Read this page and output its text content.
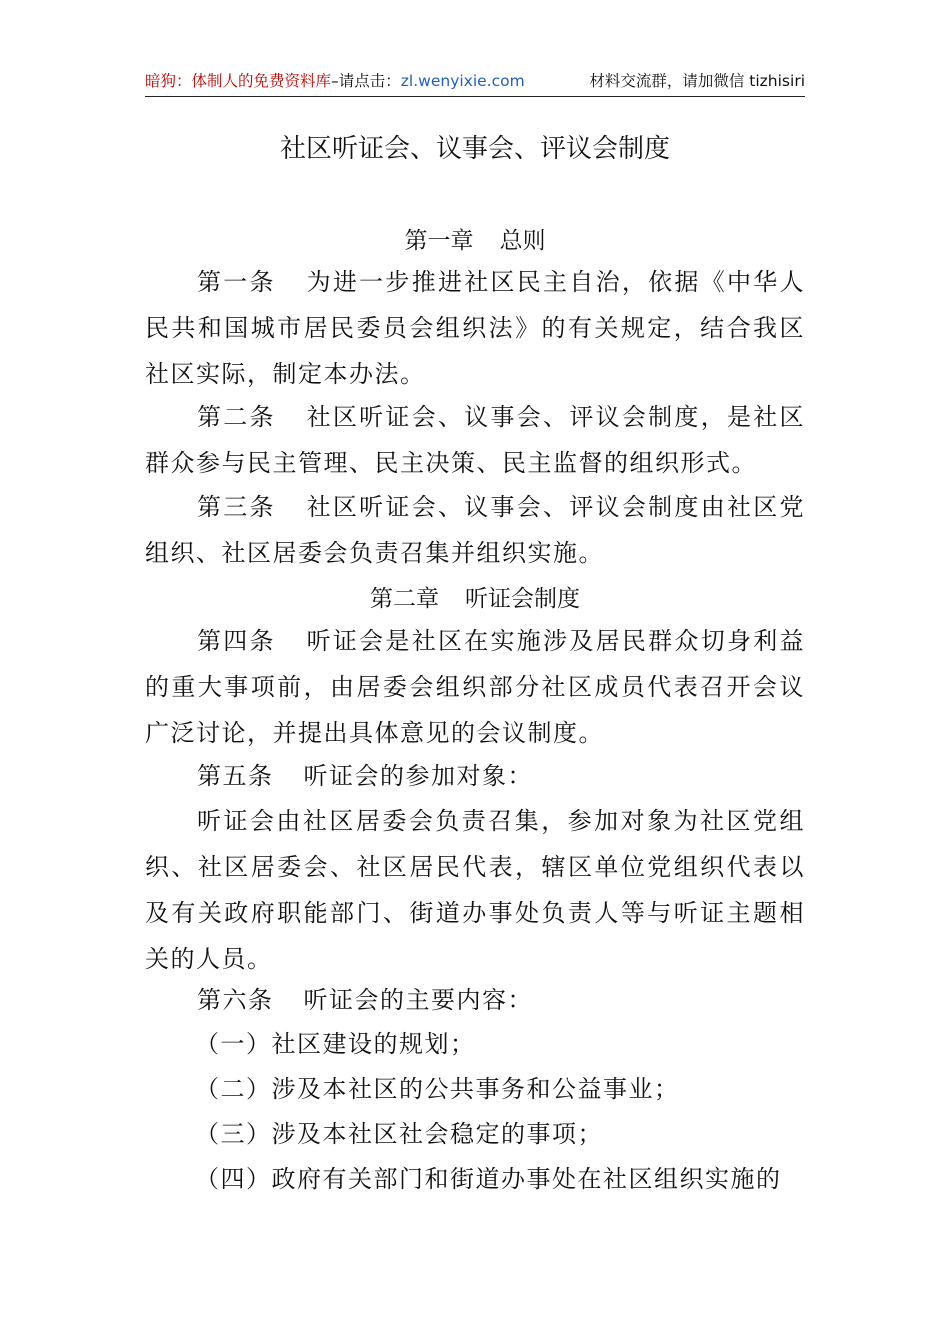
暗狗：体制人的免费资料库–请点击：zl.wenyixie.com	材料交流群，请加微信 tizhisiri
社区听证会、议事会、评议会制度
第一章 总则
第一条 为进一步推进社区民主自治，依据《中华人民共和国城市居民委员会组织法》的有关规定，结合我区社区实际，制定本办法。
第二条 社区听证会、议事会、评议会制度，是社区群众参与民主管理、民主决策、民主监督的组织形式。
第三条 社区听证会、议事会、评议会制度由社区党组织、社区居委会负责召集并组织实施。
第二章 听证会制度
第四条 听证会是社区在实施涉及居民群众切身利益的重大事项前，由居委会组织部分社区成员代表召开会议广泛讨论，并提出具体意见的会议制度。
第五条 听证会的参加对象：
听证会由社区居委会负责召集，参加对象为社区党组织、社区居委会、社区居民代表，辖区单位党组织代表以及有关政府职能部门、街道办事处负责人等与听证主题相关的人员。
第六条 听证会的主要内容：
（一）社区建设的规划；
（二）涉及本社区的公共事务和公益事业；
（三）涉及本社区社会稳定的事项；
（四）政府有关部门和街道办事处在社区组织实施的
